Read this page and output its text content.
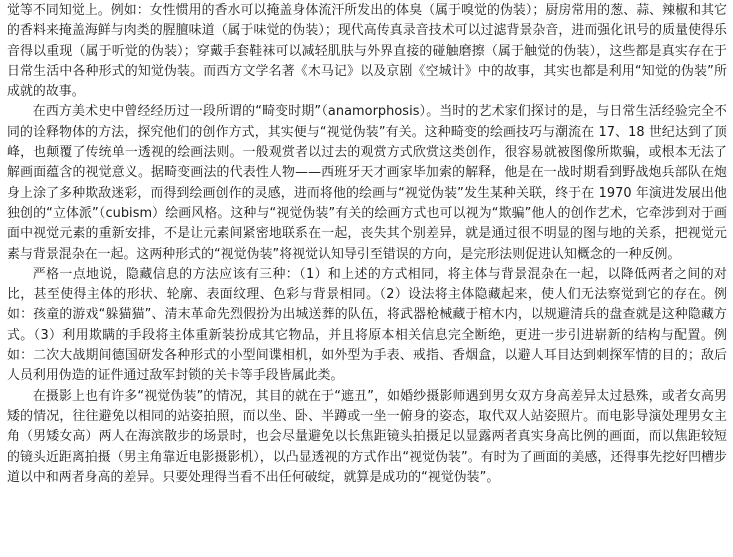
觉等不同知觉上。例如：女性惯用的香水可以掩盖身体流汗所发出的体臭（属于嗅觉的伪装）；厨房常用的葱、蒜、辣椒和其它的香料来掩盖海鲜与肉类的腥膻味道（属于味觉的伪装）；现代高传真录音技术可以过滤背景杂音，进而强化讯号的质量使得乐音得以重现（属于听觉的伪装）；穿戴手套鞋袜可以减轻肌肤与外界直接的碰触磨擦（属于触觉的伪装），这些都是真实存在于日常生活中各种形式的知觉伪装。而西方文学名著《木马记》以及京剧《空城计》中的故事，其实也都是利用“知觉的伪装”所成就的故事。

在西方美术史中曾经经历过一段所谓的“畸变时期”（anamorphosis）。当时的艺术家们探讨的是，与日常生活经验完全不同的诠释物体的方法，探究他们的创作方式，其实便与“视觉伪装”有关。这种畸变的绘画技巧与潮流在 17、18 世纪达到了顶峰，也颠覆了传统单一透视的绘画法则。一般观赏者以过去的观赏方式欣赏这类创作，很容易就被图像所欺骗，或根本无法了解画面蕴含的视觉意义。据畸变画法的代表性人物——西班牙天才画家毕加索的解释，他是在一战时期看到野战炮兵部队在炮身上涂了多种欺敌迷彩，而得到绘画创作的灵感，进而将他的绘画与“视觉伪装”发生某种关联，终于在 1970 年演进发展出他独创的“立体派”（cubism）绘画风格。这种与“视觉伪装”有关的绘画方式也可以视为“欺骗”他人的创作艺术，它牵涉到对于画面中视觉元素的重新安排，不是让元素间紧密地联系在一起，丧失其个别差异，就是通过很不明显的图与地的关系，把视觉元素与背景混杂在一起。这两种形式的“视觉伪装”将视觉认知导引至错误的方向，是完形法则促进认知概念的一种反例。

严格一点地说，隐藏信息的方法应该有三种：（1）和上述的方式相同，将主体与背景混杂在一起，以降低两者之间的对比，甚至使得主体的形状、轮廓、表面纹理、色彩与背景相同。（2）设法将主体隐藏起来，使人们无法察觉到它的存在。例如：孩童的游戏“躲猫猫”、清末革命先烈假扮为出城送葬的队伍，将武器枪械藏于棺木内，以规避清兵的盘查就是这种隐藏方式。（3）利用欺瞒的手段将主体重新装扮成其它物品，并且将原本相关信息完全断绝，更进一步引进崭新的结构与配置。例如：二次大战期间德国研发各种形式的小型间谍相机，如外型为手表、戒指、香烟盒，以避人耳目达到刺探军情的目的；敌后人员利用伪造的证件通过敌军封锁的关卡等手段皆属此类。

在摄影上也有许多“视觉伪装”的情况，其目的就在于“遮丑”，如婚纱摄影师遇到男女双方身高差异太过悬殊，或者女高男矮的情况，往往避免以相同的站姿拍照，而以坐、卧、半蹲或一坐一俯身的姿态，取代双人站姿照片。而电影导演处理男女主角（男矮女高）两人在海滨散步的场景时，也会尽量避免以长焦距镜头拍摄足以显露两者真实身高比例的画面，而以焦距较短的镜头近距离拍摄（男主角靠近电影摄影机），以凸显透视的方式作出“视觉伪装”。有时为了画面的美感，还得事先挖好凹槽步道以中和两者身高的差异。只要处理得当看不出任何破绽，就算是成功的“视觉伪装”。
